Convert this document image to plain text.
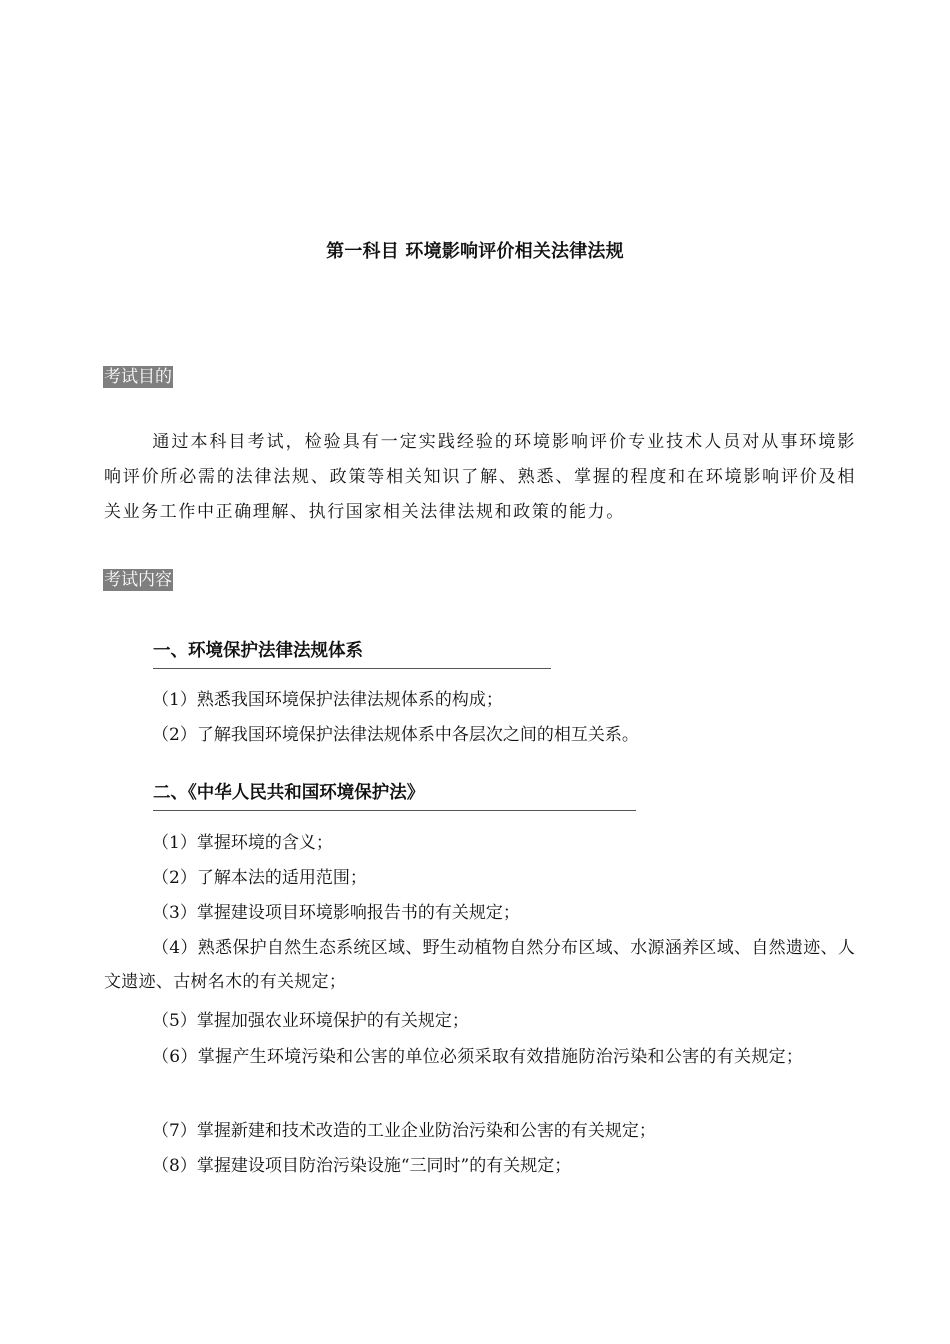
第一科目 环境影响评价相关法律法规
考试目的
通过本科目考试，检验具有一定实践经验的环境影响评价专业技术人员对从事环境影响评价所必需的法律法规、政策等相关知识了解、熟悉、掌握的程度和在环境影响评价及相关业务工作中正确理解、执行国家相关法律法规和政策的能力。
考试内容
一、环境保护法律法规体系
（1）熟悉我国环境保护法律法规体系的构成；
（2）了解我国环境保护法律法规体系中各层次之间的相互关系。
二、《中华人民共和国环境保护法》
（1）掌握环境的含义；
（2）了解本法的适用范围；
（3）掌握建设项目环境影响报告书的有关规定；
（4）熟悉保护自然生态系统区域、野生动植物自然分布区域、水源涵养区域、自然遗迹、人文遗迹、古树名木的有关规定；
（5）掌握加强农业环境保护的有关规定；
（6）掌握产生环境污染和公害的单位必须采取有效措施防治污染和公害的有关规定；
（7）掌握新建和技术改造的工业企业防治污染和公害的有关规定；
（8）掌握建设项目防治污染设施“三同时”的有关规定；
